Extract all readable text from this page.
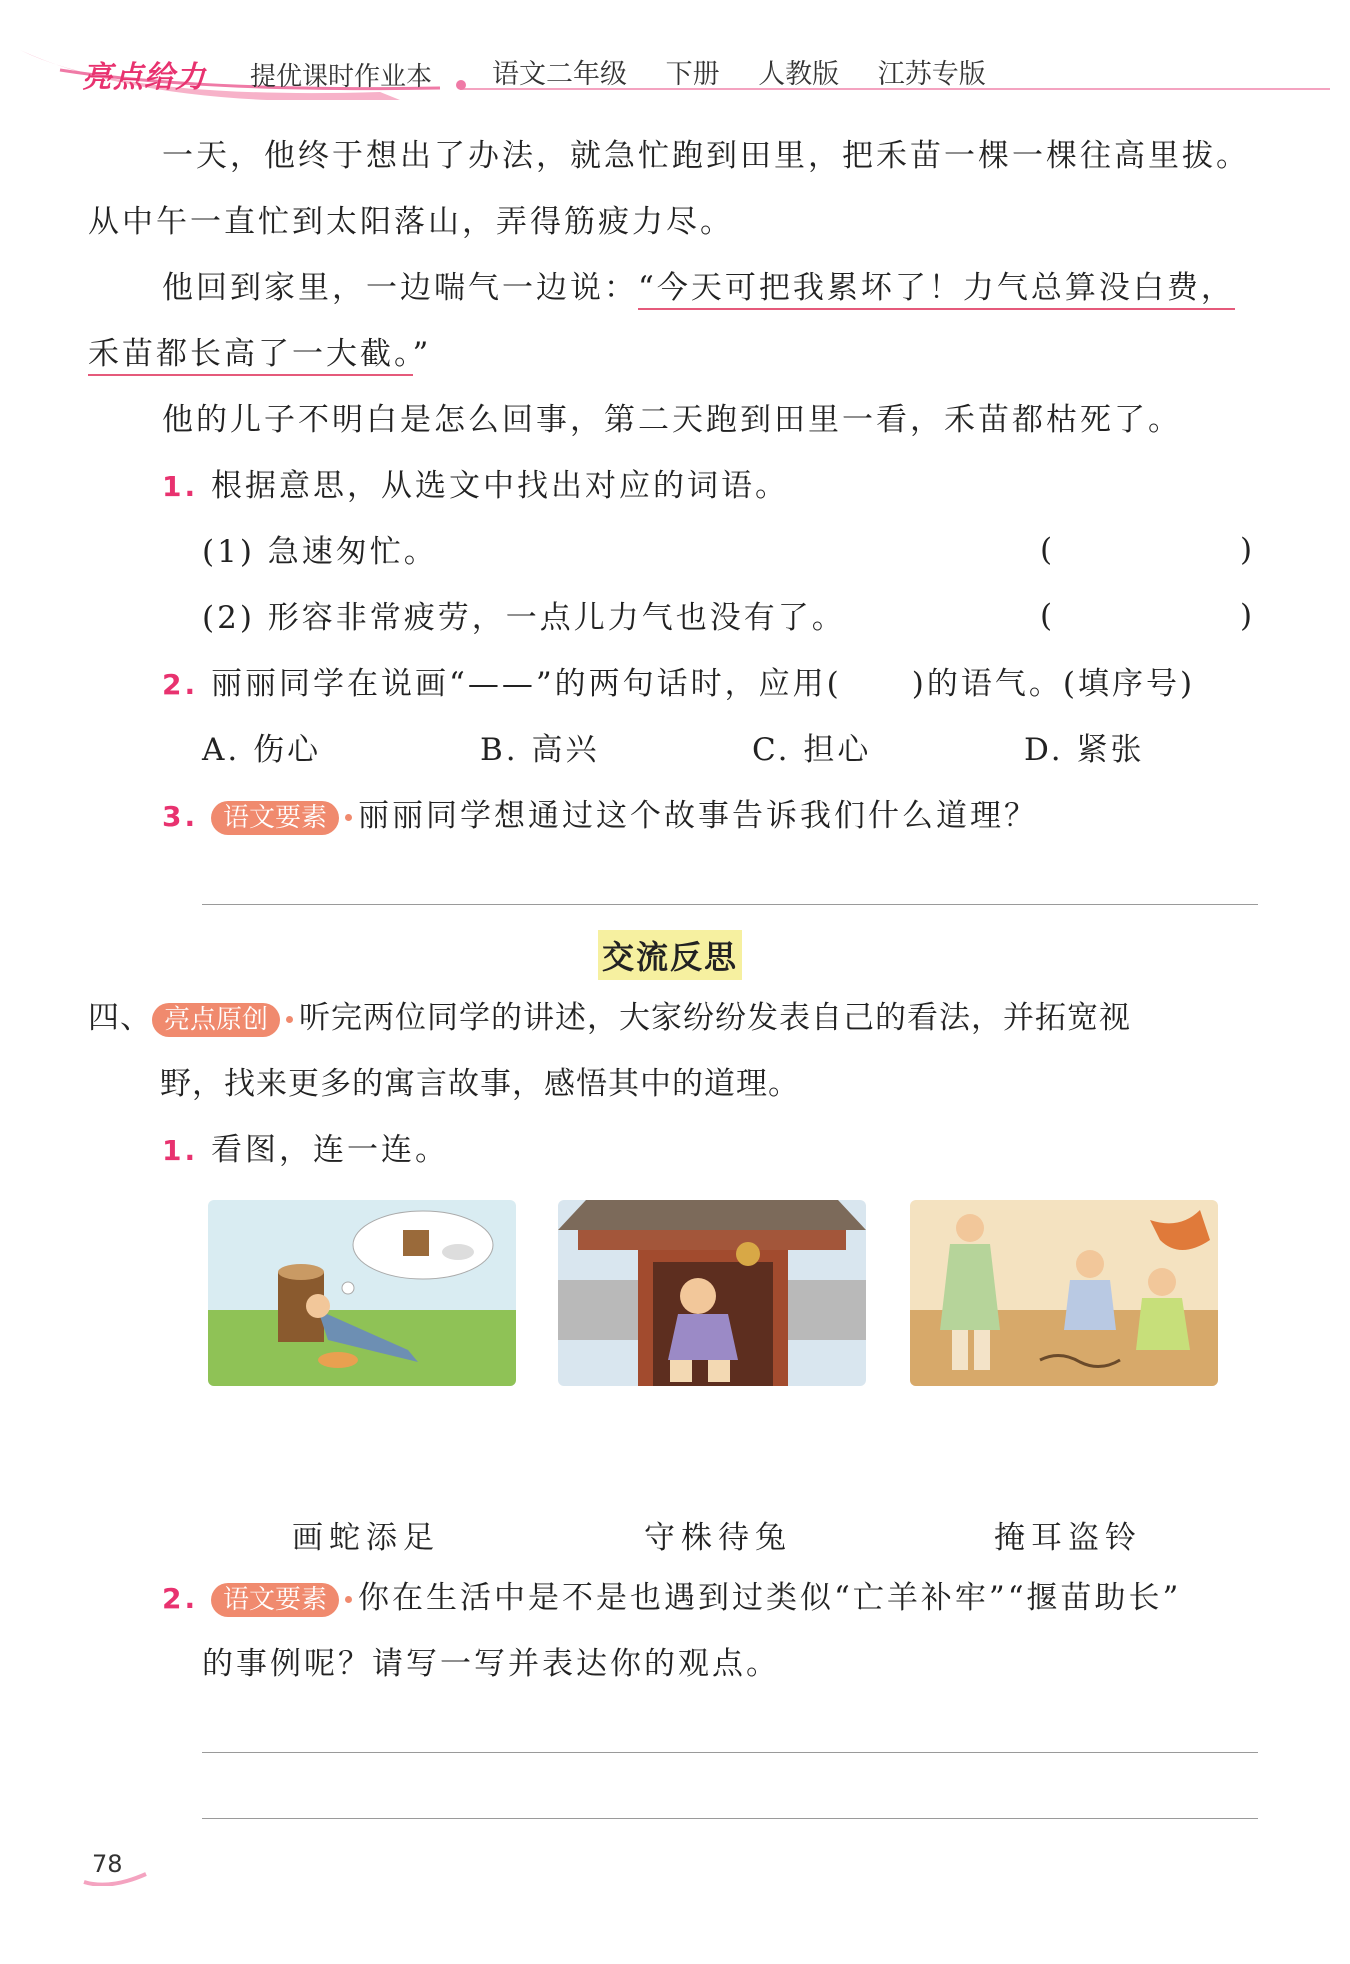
亮点给力 提优课时作业本 语文二年级 下册 人教版 江苏专版
一天，他终于想出了办法，就急忙跑到田里，把禾苗一棵一棵往高里拔。
从中午一直忙到太阳落山，弄得筋疲力尽。
他回到家里，一边喘气一边说：“今天可把我累坏了！力气总算没白费，
禾苗都长高了一大截。”
他的儿子不明白是怎么回事，第二天跑到田里一看，禾苗都枯死了。
1. 根据意思，从选文中找出对应的词语。
(1) 急速匆忙。	(	)
(2) 形容非常疲劳，一点儿力气也没有了。	(	)
2. 丽丽同学在说画“——”的两句话时，应用( )的语气。(填序号)
A. 伤心	B. 高兴	C. 担心	D. 紧张
3. 语文要素 丽丽同学想通过这个故事告诉我们什么道理？
交流反思
四、 亮点原创 听完两位同学的讲述，大家纷纷发表自己的看法，并拓宽视
野，找来更多的寓言故事，感悟其中的道理。
1. 看图，连一连。
画蛇添足	守株待兔	掩耳盗铃
2. 语文要素 你在生活中是不是也遇到过类似“亡羊补牢”“揠苗助长”
的事例呢？请写一写并表达你的观点。
78
